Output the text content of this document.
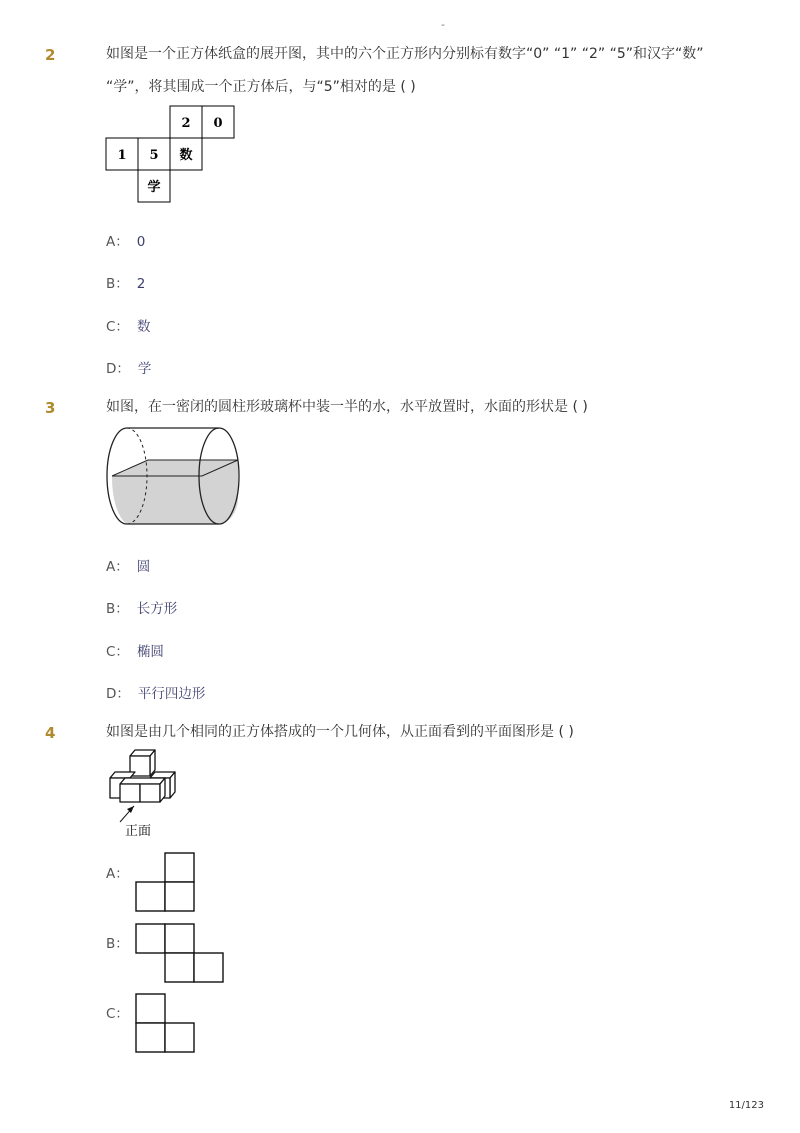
-
2	如图是一个正方体纸盒的展开图，其中的六个正方形内分别标有数字“0” “1” “2” “5”和汉字“数” “学”，将其围成一个正方体后，与“5”相对的是 ( )
2 0
1 5 数
学
A： 0
B： 2
C： 数
D： 学
3	如图，在一密闭的圆柱形玻璃杯中装一半的水，水平放置时，水面的形状是 ( )
A： 圆
B： 长方形
C： 椭圆
D： 平行四边形
4	如图是由几个相同的正方体搭成的一个几何体，从正面看到的平面图形是 ( )
正面
A：
B：
C：
11/123
